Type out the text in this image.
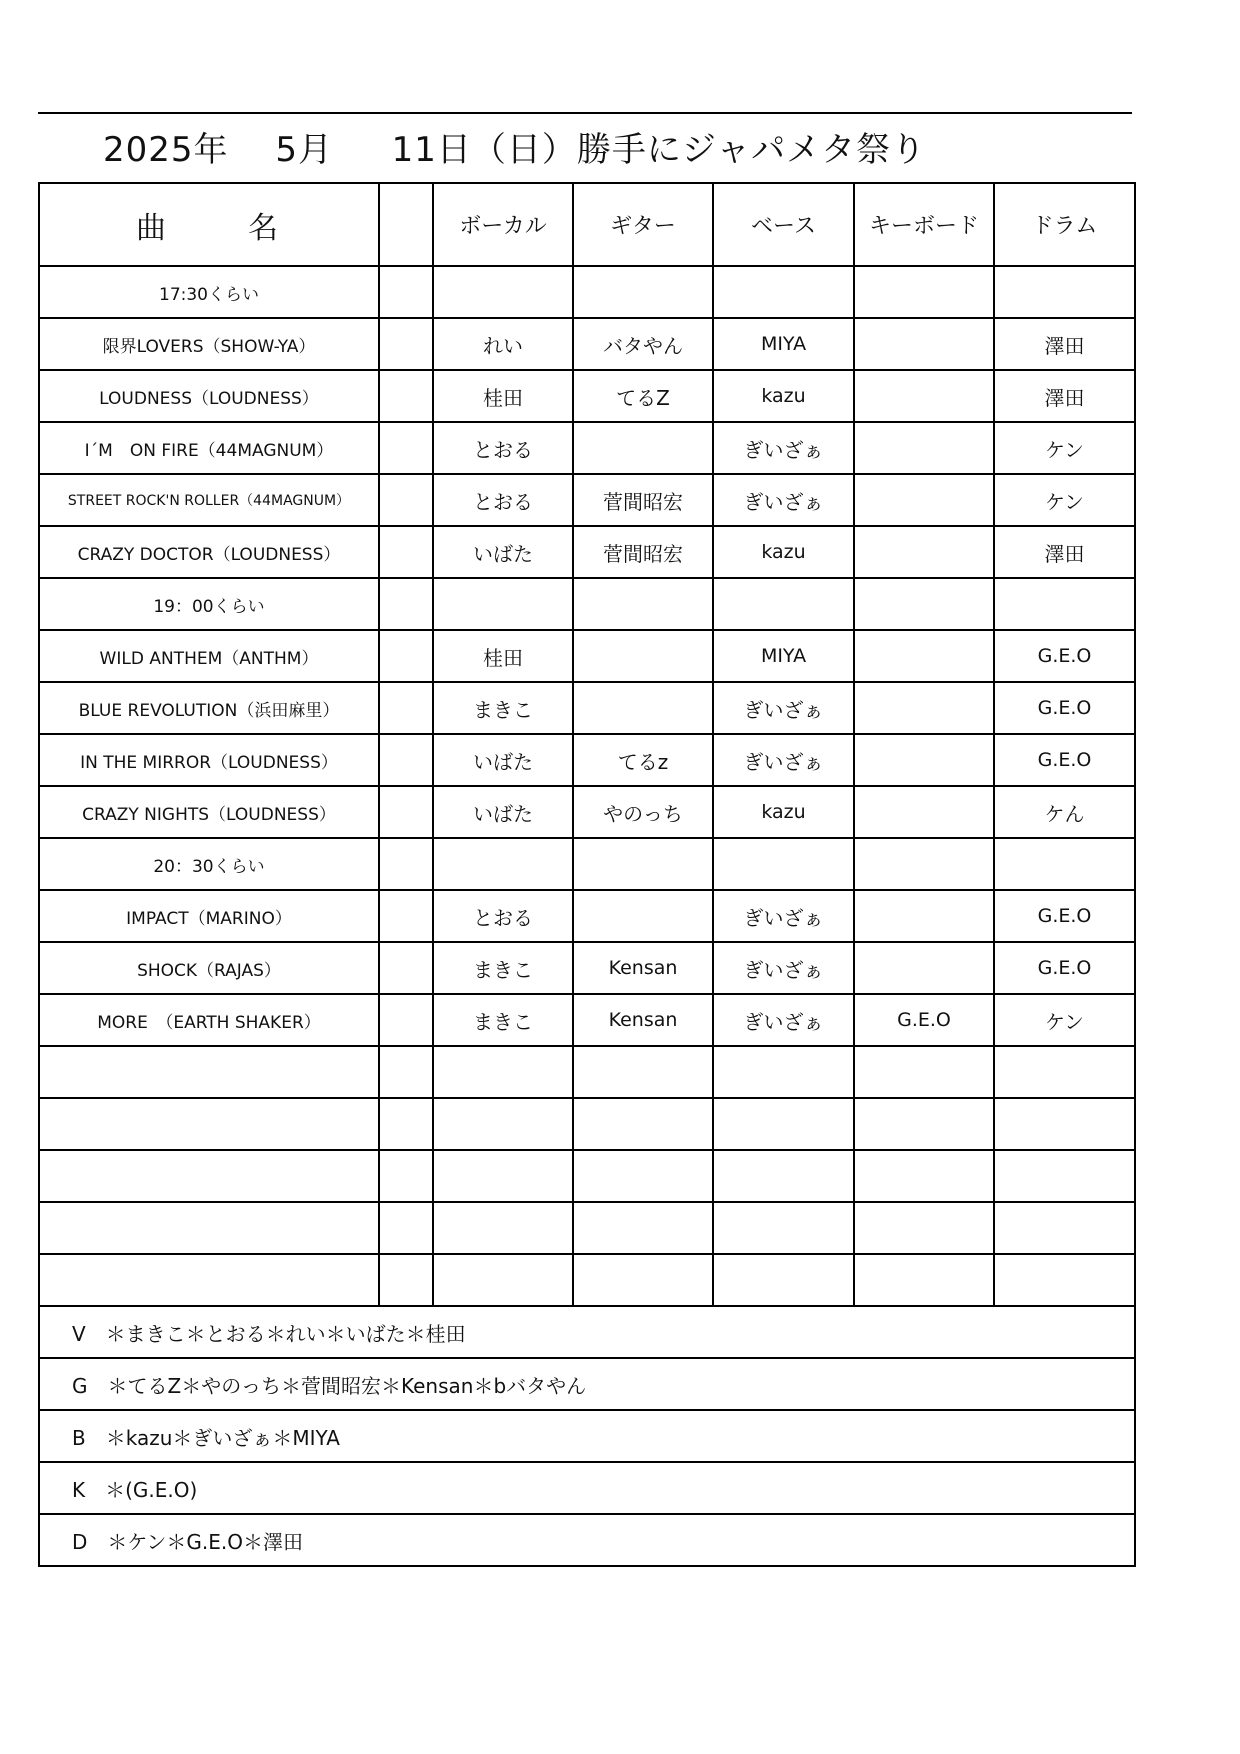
2025年　 5月 　 11日（日）勝手にジャパメタ祭り
曲　名		ボーカル	ギター	ベース	キーボード	ドラム
17:30くらい						
限界LOVERS（SHOW-YA）		れい	バタやん	MIYA		澤田
LOUDNESS（LOUDNESS）		桂田	てるZ	kazu		澤田
I´M　ON FIRE（44MAGNUM）		とおる		ぎいざぁ		ケン
STREET ROCK'N ROLLER（44MAGNUM）		とおる	菅間昭宏	ぎいざぁ		ケン
CRAZY DOCTOR（LOUDNESS）		いばた	菅間昭宏	kazu		澤田
19：00くらい						
WILD ANTHEM（ANTHM）		桂田		MIYA		G.E.O
BLUE REVOLUTION（浜田麻里）		まきこ		ぎいざぁ		G.E.O
IN THE MIRROR（LOUDNESS）		いばた	てるz	ぎいざぁ		G.E.O
CRAZY NIGHTS（LOUDNESS）		いばた	やのっち	kazu		ケん
20：30くらい						
IMPACT（MARINO）		とおる		ぎいざぁ		G.E.O
SHOCK（RAJAS）		まきこ	Kensan	ぎいざぁ		G.E.O
MORE　（EARTH SHAKER）		まきこ	Kensan	ぎいざぁ	G.E.O	ケン

V　＊まきこ＊とおる＊れい＊いばた＊桂田						
G　＊てるZ＊やのっち＊菅間昭宏＊Kensan＊bバタやん						
B　＊kazu＊ぎいざぁ＊MIYA						
K　＊(G.E.O)						
D　＊ケン＊G.E.O＊澤田						
